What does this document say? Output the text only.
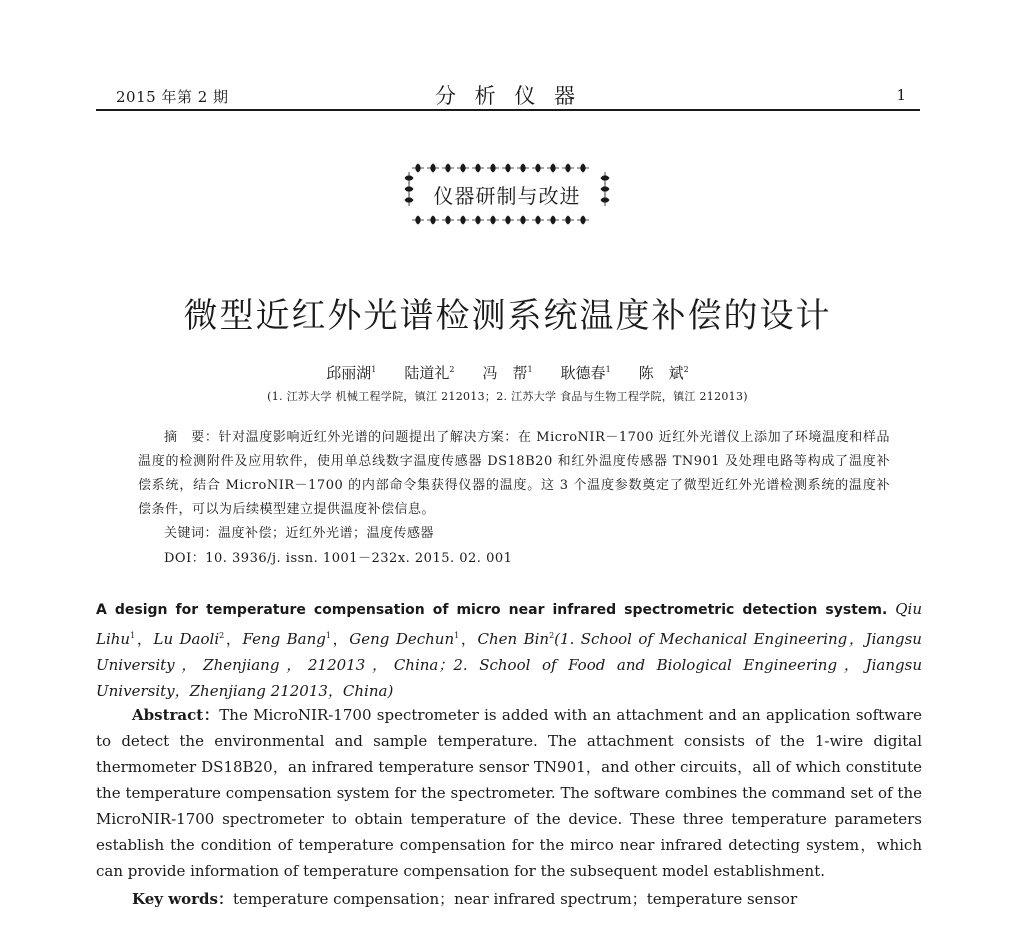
2015 年第 2 期	分 析 仪 器	1
仪器研制与改进
微型近红外光谱检测系统温度补偿的设计
邱丽湖$^1$ 陆道礼$^2$ 冯　帮$^1$ 耿德春$^1$ 陈　斌$^2$
(1. 江苏大学 机械工程学院，镇江 212013；2. 江苏大学 食品与生物工程学院，镇江 212013)
摘　要：针对温度影响近红外光谱的问题提出了解决方案：在 MicroNIR－1700 近红外光谱仪上添加了环境温度和样品温度的检测附件及应用软件，使用单总线数字温度传感器 DS18B20 和红外温度传感器 TN901 及处理电路等构成了温度补偿系统，结合 MicroNIR－1700 的内部命令集获得仪器的温度。这 3 个温度参数奠定了微型近红外光谱检测系统的温度补偿条件，可以为后续模型建立提供温度补偿信息。
关键词：温度补偿；近红外光谱；温度传感器
DOI：10. 3936/j. issn. 1001－232x. 2015. 02. 001
A design for temperature compensation of micro near infrared spectrometric detection system. Qiu Lihu$^1$，Lu Daoli$^2$，Feng Bang$^1$，Geng Dechun$^1$，Chen Bin$^2$(1. School of Mechanical Engineering，Jiangsu University，Zhenjiang，212013，China；2. School of Food and Biological Engineering，Jiangsu University，Zhenjiang 212013，China)
Abstract：The MicroNIR-1700 spectrometer is added with an attachment and an application software to detect the environmental and sample temperature. The attachment consists of the 1-wire digital thermometer DS18B20，an infrared temperature sensor TN901，and other circuits，all of which constitute the temperature compensation system for the spectrometer. The software combines the command set of the MicroNIR-1700 spectrometer to obtain temperature of the device. These three temperature parameters establish the condition of temperature compensation for the mirco near infrared detecting system，which can provide information of temperature compensation for the subsequent model establishment.
Key words：temperature compensation；near infrared spectrum；temperature sensor
